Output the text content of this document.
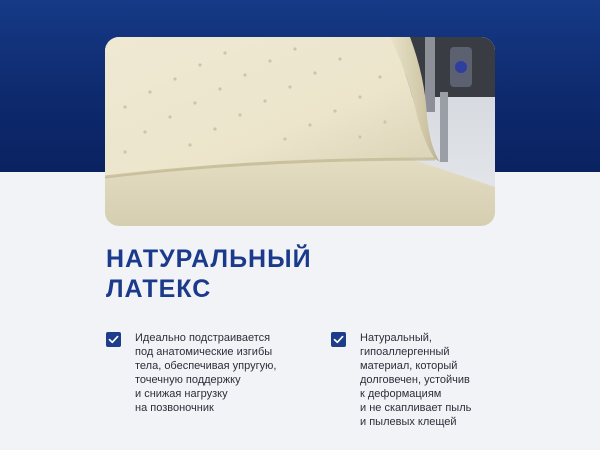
НАТУРАЛЬНЫЙ
ЛАТЕКС

Идеально подстраивается
под анатомические изгибы
тела, обеспечивая упругую,
точечную поддержку
и снижая нагрузку
на позвоночник

Натуральный,
гипоаллергенный
материал, который
долговечен, устойчив
к деформациям
и не скапливает пыль
и пылевых клещей
